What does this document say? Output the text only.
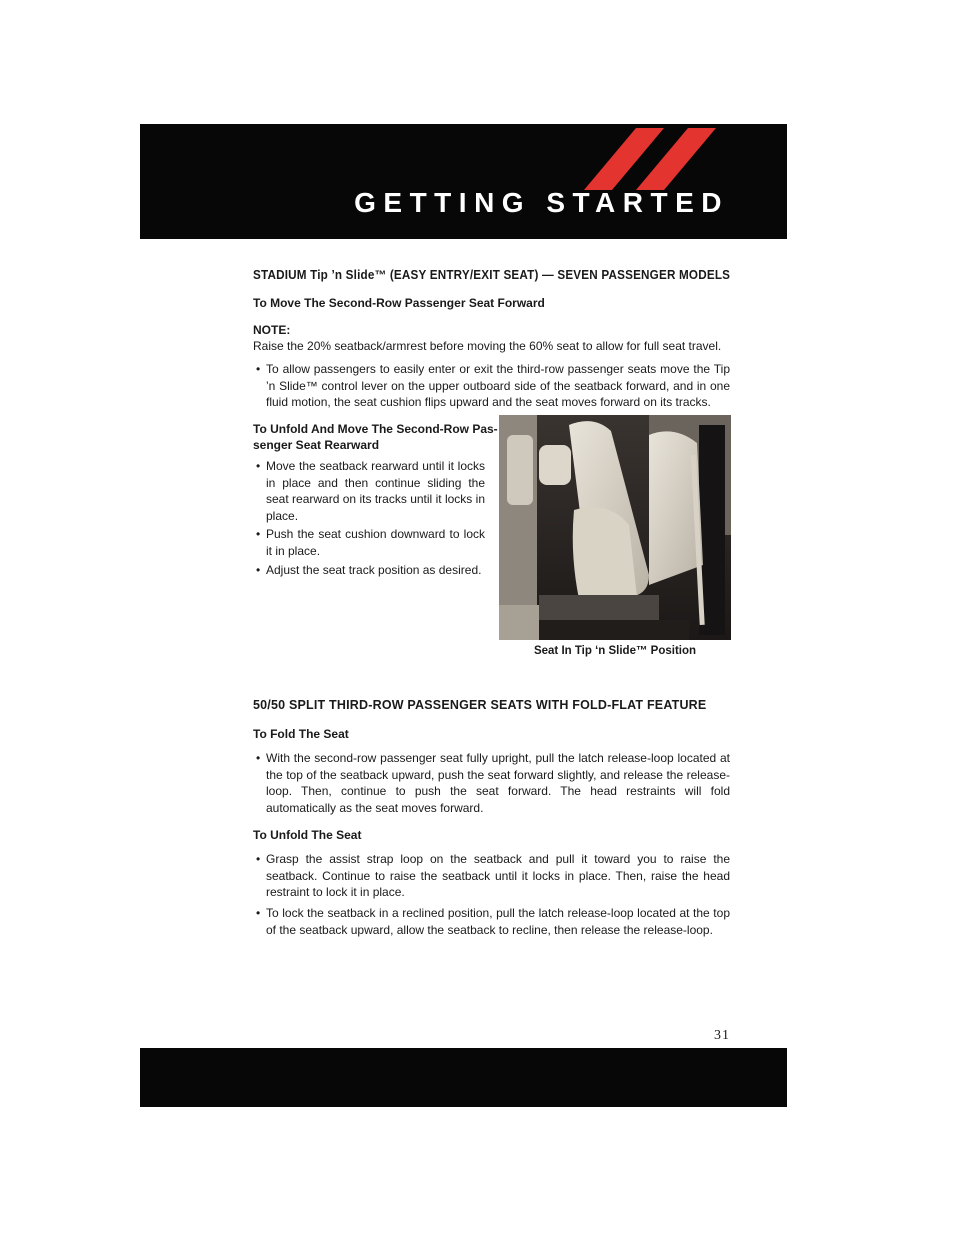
GETTING STARTED
STADIUM Tip ’n Slide™ (EASY ENTRY/EXIT SEAT) — SEVEN PASSENGER MODELS
To Move The Second-Row Passenger Seat Forward
NOTE:
Raise the 20% seatback/armrest before moving the 60% seat to allow for full seat travel.
• To allow passengers to easily enter or exit the third-row passenger seats move the Tip ’n Slide™ control lever on the upper outboard side of the seatback forward, and in one fluid motion, the seat cushion flips upward and the seat moves forward on its tracks.
To Unfold And Move The Second-Row Pas-
senger Seat Rearward
• Move the seatback rearward until it locks in place and then continue sliding the seat rearward on its tracks until it locks in place.
• Push the seat cushion downward to lock it in place.
• Adjust the seat track position as desired.
Seat In Tip ‘n Slide™ Position
50/50 SPLIT THIRD-ROW PASSENGER SEATS WITH FOLD-FLAT FEATURE
To Fold The Seat
• With the second-row passenger seat fully upright, pull the latch release-loop located at the top of the seatback upward, push the seat forward slightly, and release the release-loop. Then, continue to push the seat forward. The head restraints will fold automatically as the seat moves forward.
To Unfold The Seat
• Grasp the assist strap loop on the seatback and pull it toward you to raise the seatback. Continue to raise the seatback until it locks in place. Then, raise the head restraint to lock it in place.
• To lock the seatback in a reclined position, pull the latch release-loop located at the top of the seatback upward, allow the seatback to recline, then release the release-loop.
31
